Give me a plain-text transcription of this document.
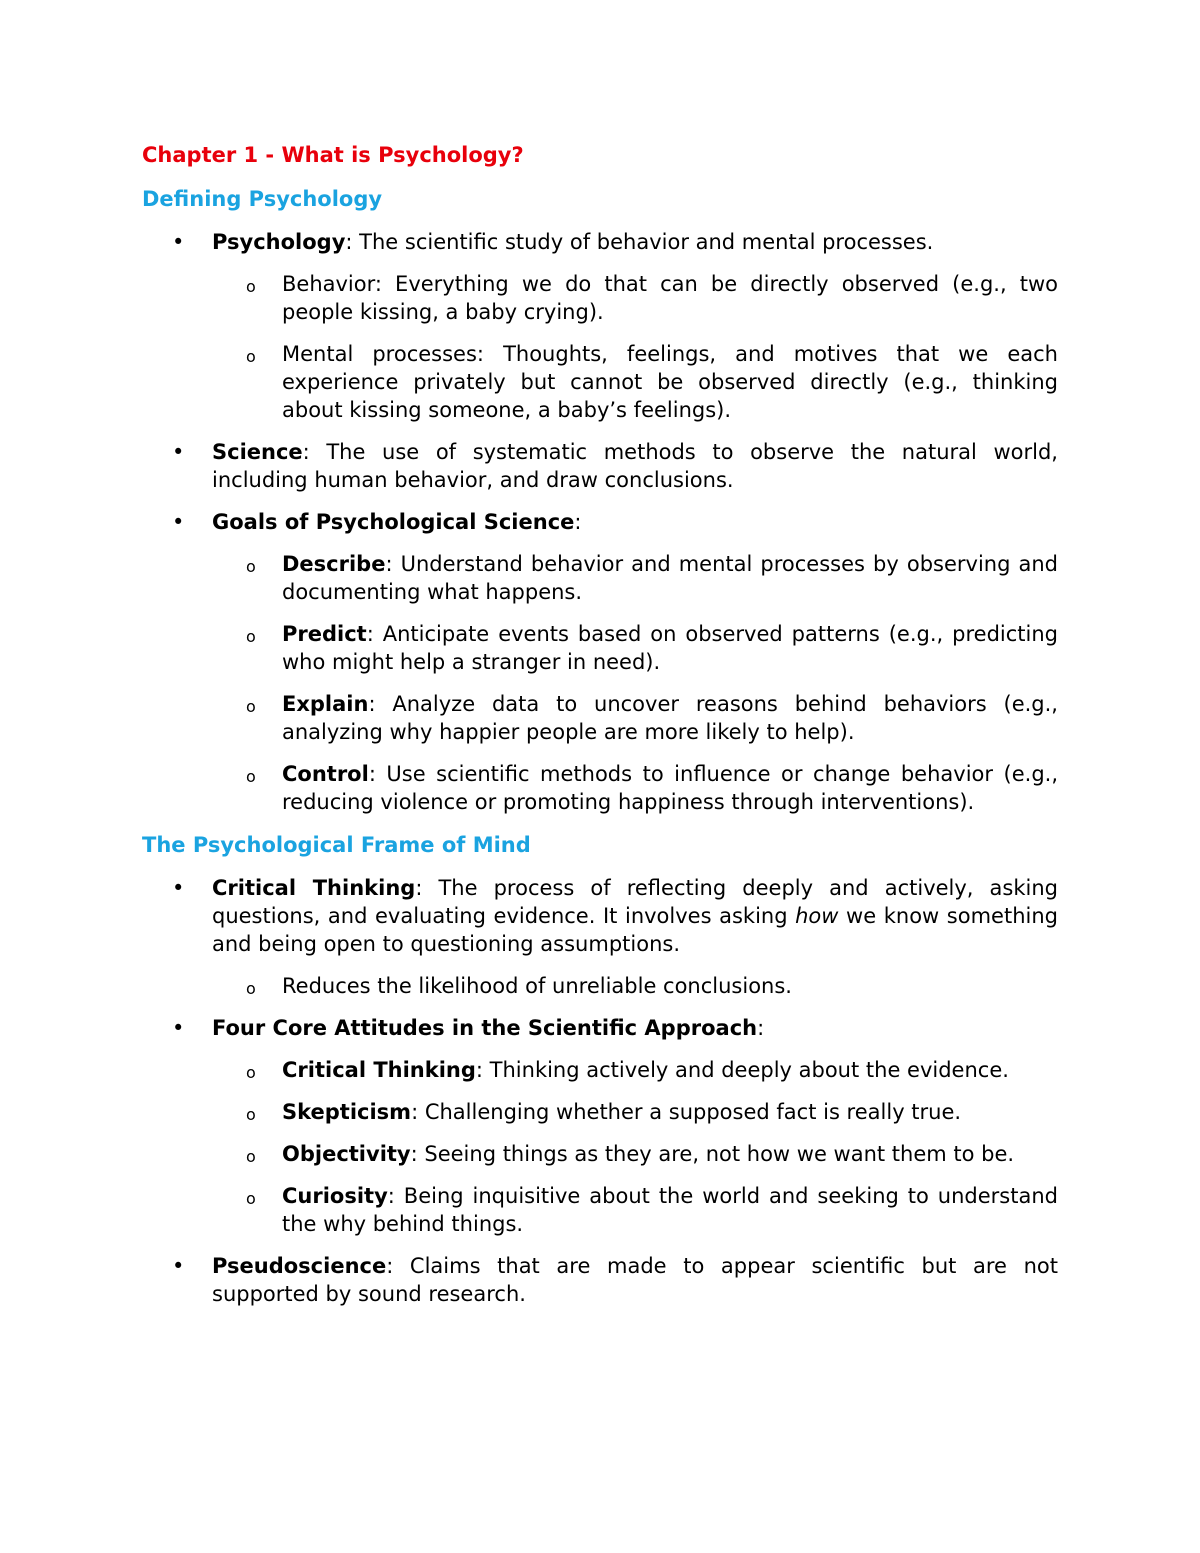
Chapter 1 - What is Psychology?
Defining Psychology
• Psychology: The scientific study of behavior and mental processes.
o Behavior: Everything we do that can be directly observed (e.g., two people kissing, a baby crying).
o Mental processes: Thoughts, feelings, and motives that we each experience privately but cannot be observed directly (e.g., thinking about kissing someone, a baby’s feelings).
• Science: The use of systematic methods to observe the natural world, including human behavior, and draw conclusions.
• Goals of Psychological Science:
o Describe: Understand behavior and mental processes by observing and documenting what happens.
o Predict: Anticipate events based on observed patterns (e.g., predicting who might help a stranger in need).
o Explain: Analyze data to uncover reasons behind behaviors (e.g., analyzing why happier people are more likely to help).
o Control: Use scientific methods to influence or change behavior (e.g., reducing violence or promoting happiness through interventions).
The Psychological Frame of Mind
• Critical Thinking: The process of reflecting deeply and actively, asking questions, and evaluating evidence. It involves asking how we know something and being open to questioning assumptions.
o Reduces the likelihood of unreliable conclusions.
• Four Core Attitudes in the Scientific Approach:
o Critical Thinking: Thinking actively and deeply about the evidence.
o Skepticism: Challenging whether a supposed fact is really true.
o Objectivity: Seeing things as they are, not how we want them to be.
o Curiosity: Being inquisitive about the world and seeking to understand the why behind things.
• Pseudoscience: Claims that are made to appear scientific but are not supported by sound research.
